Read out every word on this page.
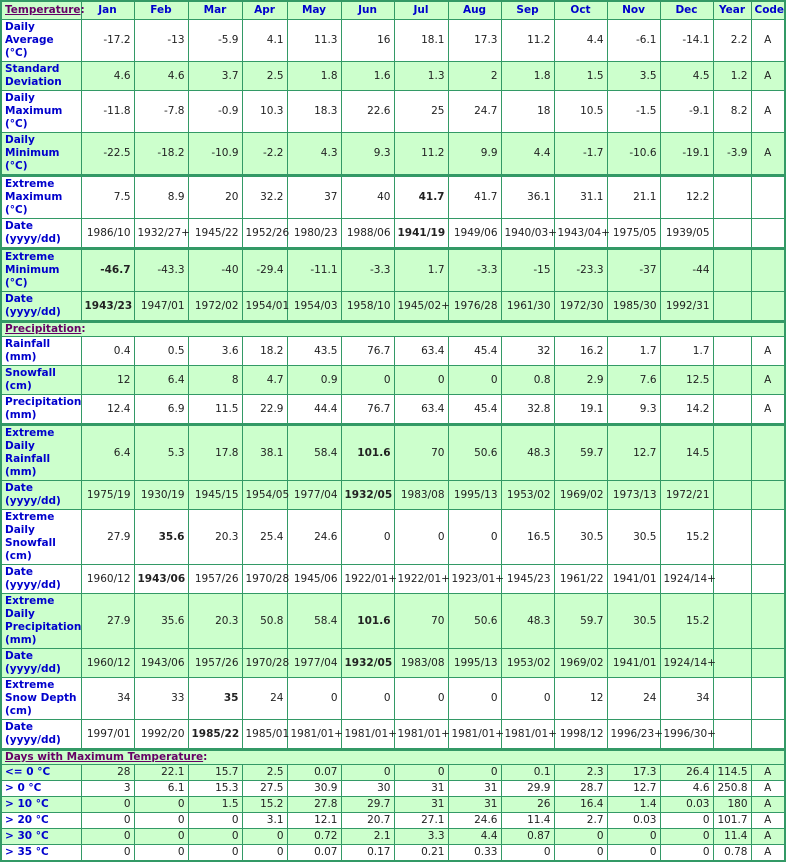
Temperature:	Jan	Feb	Mar	Apr	May	Jun	Jul	Aug	Sep	Oct	Nov	Dec	Year	Code
Daily Average (°C)	-17.2	-13	-5.9	4.1	11.3	16	18.1	17.3	11.2	4.4	-6.1	-14.1	2.2	A
Standard Deviation	4.6	4.6	3.7	2.5	1.8	1.6	1.3	2	1.8	1.5	3.5	4.5	1.2	A
Daily Maximum (°C)	-11.8	-7.8	-0.9	10.3	18.3	22.6	25	24.7	18	10.5	-1.5	-9.1	8.2	A
Daily Minimum (°C)	-22.5	-18.2	-10.9	-2.2	4.3	9.3	11.2	9.9	4.4	-1.7	-10.6	-19.1	-3.9	A
Extreme Maximum (°C)	7.5	8.9	20	32.2	37	40	41.7	41.7	36.1	31.1	21.1	12.2		
Date (yyyy/dd)	1986/10	1932/27+	1945/22	1952/26	1980/23	1988/06	1941/19	1949/06	1940/03+	1943/04+	1975/05	1939/05		
Extreme Minimum (°C)	-46.7	-43.3	-40	-29.4	-11.1	-3.3	1.7	-3.3	-15	-23.3	-37	-44		
Date (yyyy/dd)	1943/23	1947/01	1972/02	1954/01	1954/03	1958/10	1945/02+	1976/28	1961/30	1972/30	1985/30	1992/31		
Precipitation:														
Rainfall (mm)	0.4	0.5	3.6	18.2	43.5	76.7	63.4	45.4	32	16.2	1.7	1.7		A
Snowfall (cm)	12	6.4	8	4.7	0.9	0	0	0	0.8	2.9	7.6	12.5		A
Precipitation (mm)	12.4	6.9	11.5	22.9	44.4	76.7	63.4	45.4	32.8	19.1	9.3	14.2		A
Extreme Daily Rainfall (mm)	6.4	5.3	17.8	38.1	58.4	101.6	70	50.6	48.3	59.7	12.7	14.5		
Date (yyyy/dd)	1975/19	1930/19	1945/15	1954/05	1977/04	1932/05	1983/08	1995/13	1953/02	1969/02	1973/13	1972/21		
Extreme Daily Snowfall (cm)	27.9	35.6	20.3	25.4	24.6	0	0	0	16.5	30.5	30.5	15.2		
Date (yyyy/dd)	1960/12	1943/06	1957/26	1970/28	1945/06	1922/01+	1922/01+	1923/01+	1945/23	1961/22	1941/01	1924/14+		
Extreme Daily Precipitation (mm)	27.9	35.6	20.3	50.8	58.4	101.6	70	50.6	48.3	59.7	30.5	15.2		
Date (yyyy/dd)	1960/12	1943/06	1957/26	1970/28	1977/04	1932/05	1983/08	1995/13	1953/02	1969/02	1941/01	1924/14+		
Extreme Snow Depth (cm)	34	33	35	24	0	0	0	0	0	12	24	34		
Date (yyyy/dd)	1997/01	1992/20	1985/22	1985/01	1981/01+	1981/01+	1981/01+	1981/01+	1981/01+	1998/12	1996/23+	1996/30+		
Days with Maximum Temperature:														
<= 0 °C	28	22.1	15.7	2.5	0.07	0	0	0	0.1	2.3	17.3	26.4	114.5	A
> 0 °C	3	6.1	15.3	27.5	30.9	30	31	31	29.9	28.7	12.7	4.6	250.8	A
> 10 °C	0	0	1.5	15.2	27.8	29.7	31	31	26	16.4	1.4	0.03	180	A
> 20 °C	0	0	0	3.1	12.1	20.7	27.1	24.6	11.4	2.7	0.03	0	101.7	A
> 30 °C	0	0	0	0	0.72	2.1	3.3	4.4	0.87	0	0	0	11.4	A
> 35 °C	0	0	0	0	0.07	0.17	0.21	0.33	0	0	0	0	0.78	A
